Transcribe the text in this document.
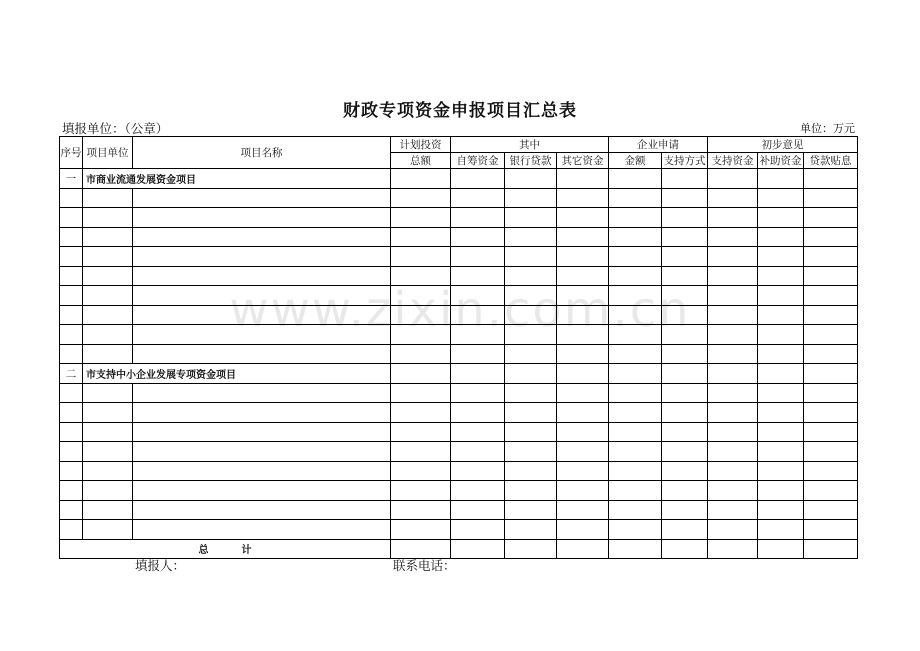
财政专项资金申报项目汇总表
填报单位：（公章）	单位：万元
序号	项目单位	项目名称	计划投资	其中			企业申请		初步意见		
			总额	自筹资金	银行贷款	其它资金	金额	支持方式	支持资金	补助资金	贷款贴息
一	市商业流通发展资金项目										

二	市支持中小企业发展专项资金项目										

总 计											
www.zixin.com.cn
填报人：	联系电话：
